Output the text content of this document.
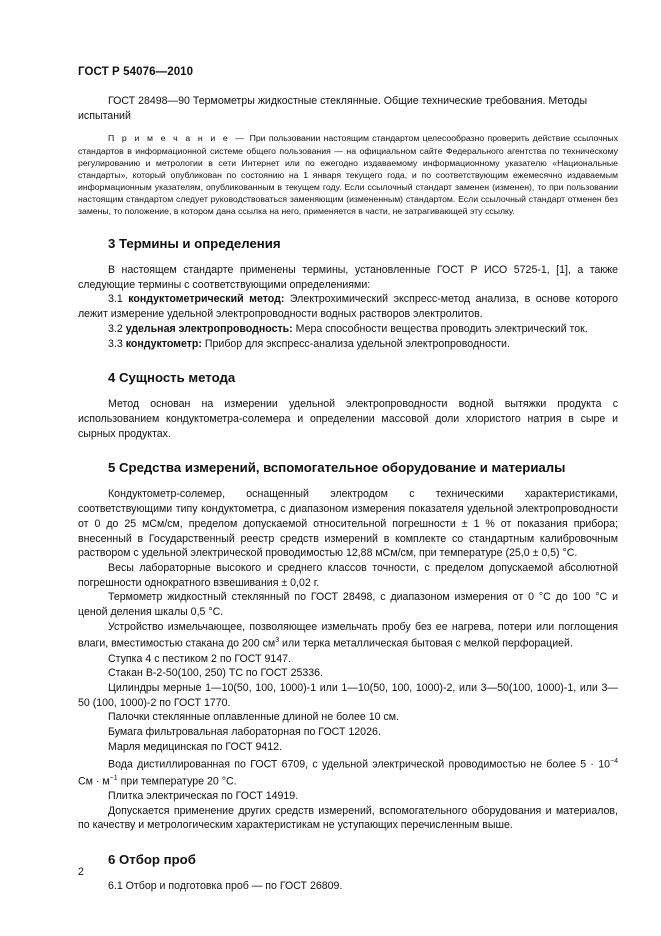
ГОСТ Р 54076—2010

ГОСТ 28498—90 Термометры жидкостные стеклянные. Общие технические требования. Методы
испытаний

П р и м е ч а н и е — При пользовании настоящим стандартом целесообразно проверить действие ссылочных стандартов в информационной системе общего пользования — на официальном сайте Федерального агентства по техническому регулированию и метрологии в сети Интернет или по ежегодно издаваемому информационному указателю «Национальные стандарты», который опубликован по состоянию на 1 января текущего года, и по соответствующим ежемесячно издаваемым информационным указателям, опубликованным в текущем году. Если ссылочный стандарт заменен (изменен), то при пользовании настоящим стандартом следует руководствоваться заменяющим (измененным) стандартом. Если ссылочный стандарт отменен без замены, то положение, в котором дана ссылка на него, применяется в части, не затрагивающей эту ссылку.

3 Термины и определения

В настоящем стандарте применены термины, установленные ГОСТ Р ИСО 5725-1, [1], а также следующие термины с соответствующими определениями:

3.1 кондуктометрический метод: Электрохимический экспресс-метод анализа, в основе которого лежит измерение удельной электропроводности водных растворов электролитов.

3.2 удельная электропроводность: Мера способности вещества проводить электрический ток.

3.3 кондуктометр: Прибор для экспресс-анализа удельной электропроводности.

4 Сущность метода

Метод основан на измерении удельной электропроводности водной вытяжки продукта с использованием кондуктометра-солемера и определении массовой доли хлористого натрия в сыре и сырных продуктах.

5 Средства измерений, вспомогательное оборудование и материалы

Кондуктометр-солемер, оснащенный электродом с техническими характеристиками, соответствующими типу кондуктометра, с диапазоном измерения показателя удельной электропроводности от 0 до 25 мСм/см, пределом допускаемой относительной погрешности ± 1 % от показания прибора; внесенный в Государственный реестр средств измерений в комплекте со стандартным калибровочным раствором с удельной электрической проводимостью 12,88 мСм/см, при температуре (25,0 ± 0,5) °С.

Весы лабораторные высокого и среднего классов точности, с пределом допускаемой абсолютной погрешности однократного взвешивания ± 0,02 г.

Термометр жидкостный стеклянный по ГОСТ 28498, с диапазоном измерения от 0 °С до 100 °С и ценой деления шкалы 0,5 °С.

Устройство измельчающее, позволяющее измельчать пробу без ее нагрева, потери или поглощения влаги, вместимостью стакана до 200 $см^3$ или терка металлическая бытовая с мелкой перфорацией.

Ступка 4 с пестиком 2 по ГОСТ 9147.

Стакан В-2-50(100, 250) ТС по ГОСТ 25336.

Цилиндры мерные 1—10(50, 100, 1000)-1 или 1—10(50, 100, 1000)-2, или 3—50(100, 1000)-1, или 3—50 (100, 1000)-2 по ГОСТ 1770.

Палочки стеклянные оплавленные длиной не более 10 см.

Бумага фильтровальная лабораторная по ГОСТ 12026.

Марля медицинская по ГОСТ 9412.

Вода дистиллированная по ГОСТ 6709, с удельной электрической проводимостью не более $5 \cdot 10^{-4}$ См · $м^{-1}$ при температуре 20 °С.

Плитка электрическая по ГОСТ 14919.

Допускается применение других средств измерений, вспомогательного оборудования и материалов, по качеству и метрологическим характеристикам не уступающих перечисленным выше.

6 Отбор проб

6.1 Отбор и подготовка проб — по ГОСТ 26809.

2
